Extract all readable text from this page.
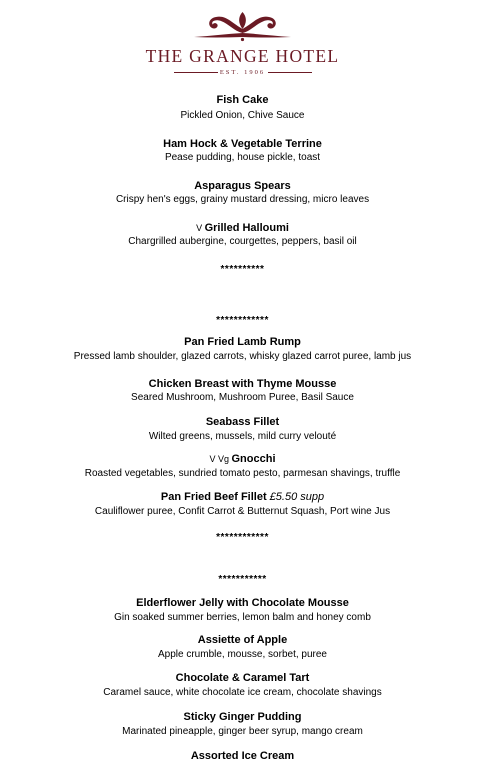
THE GRANGE HOTEL
EST. 1906
Fish Cake
Pickled Onion, Chive Sauce
Ham Hock & Vegetable Terrine
Pease pudding, house pickle, toast
Asparagus Spears
Crispy hen's eggs, grainy mustard dressing, micro leaves
V Grilled Halloumi
Chargrilled aubergine, courgettes, peppers, basil oil
**********
************
Pan Fried Lamb Rump
Pressed lamb shoulder, glazed carrots, whisky glazed carrot puree, lamb jus
Chicken Breast with Thyme Mousse
Seared Mushroom, Mushroom Puree, Basil Sauce
Seabass Fillet
Wilted greens, mussels, mild curry velouté
V Vg Gnocchi
Roasted vegetables, sundried tomato pesto, parmesan shavings, truffle
Pan Fried Beef Fillet £5.50 supp
Cauliflower puree, Confit Carrot & Butternut Squash, Port wine Jus
************
***********
Elderflower Jelly with Chocolate Mousse
Gin soaked summer berries, lemon balm and honey comb
Assiette of Apple
Apple crumble, mousse, sorbet, puree
Chocolate & Caramel Tart
Caramel sauce, white chocolate ice cream, chocolate shavings
Sticky Ginger Pudding
Marinated pineapple, ginger beer syrup, mango cream
Assorted Ice Cream
